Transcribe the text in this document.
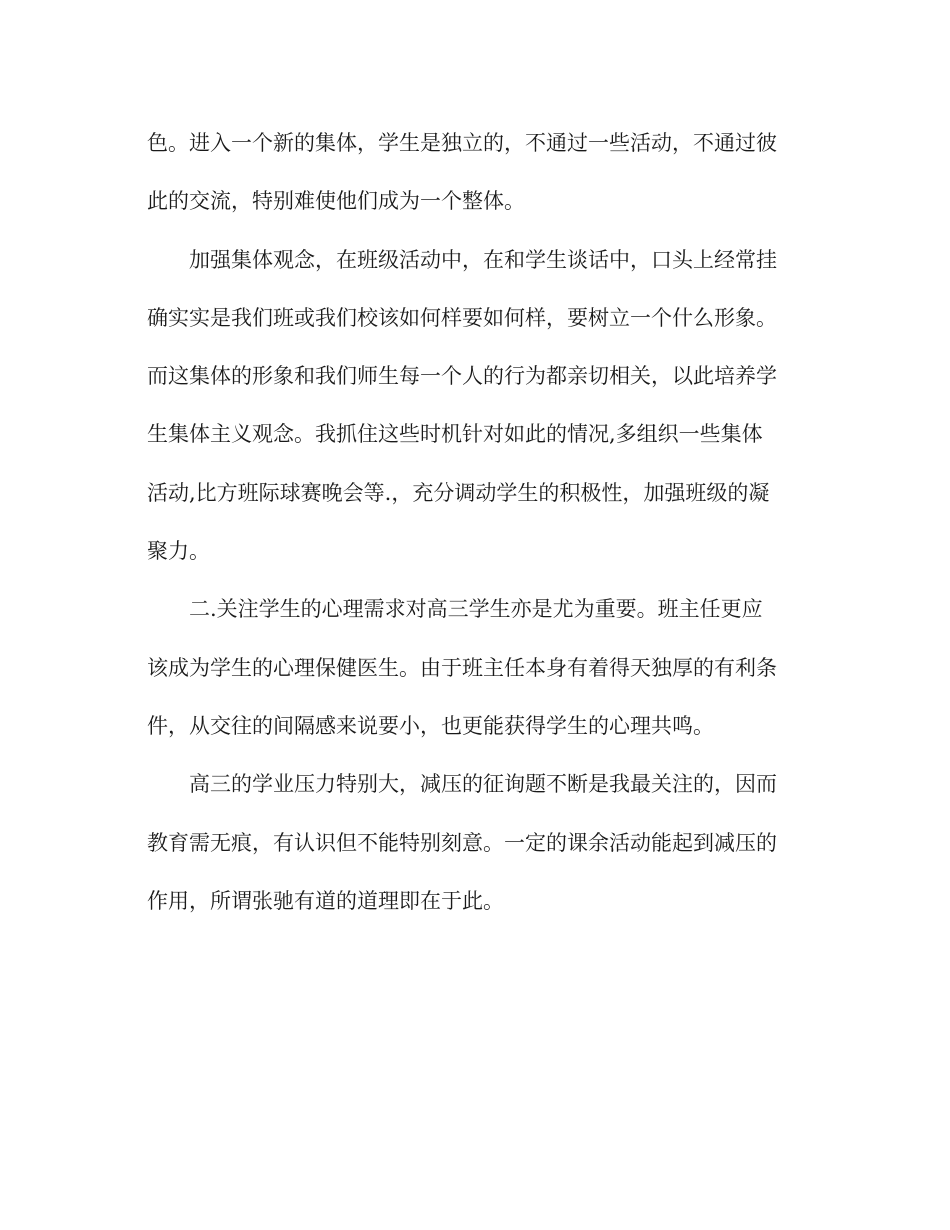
色。进入一个新的集体，学生是独立的，不通过一些活动，不通过彼
此的交流，特别难使他们成为一个整体。
加强集体观念，在班级活动中，在和学生谈话中，口头上经常挂
确实实是我们班或我们校该如何样要如何样，要树立一个什么形象。
而这集体的形象和我们师生每一个人的行为都亲切相关，以此培养学
生集体主义观念。我抓住这些时机针对如此的情况,多组织一些集体
活动,比方班际球赛晚会等.，充分调动学生的积极性，加强班级的凝
聚力。
二.关注学生的心理需求对高三学生亦是尤为重要。班主任更应
该成为学生的心理保健医生。由于班主任本身有着得天独厚的有利条
件，从交往的间隔感来说要小，也更能获得学生的心理共鸣。
高三的学业压力特别大，减压的征询题不断是我最关注的，因而
教育需无痕，有认识但不能特别刻意。一定的课余活动能起到减压的
作用，所谓张驰有道的道理即在于此。
